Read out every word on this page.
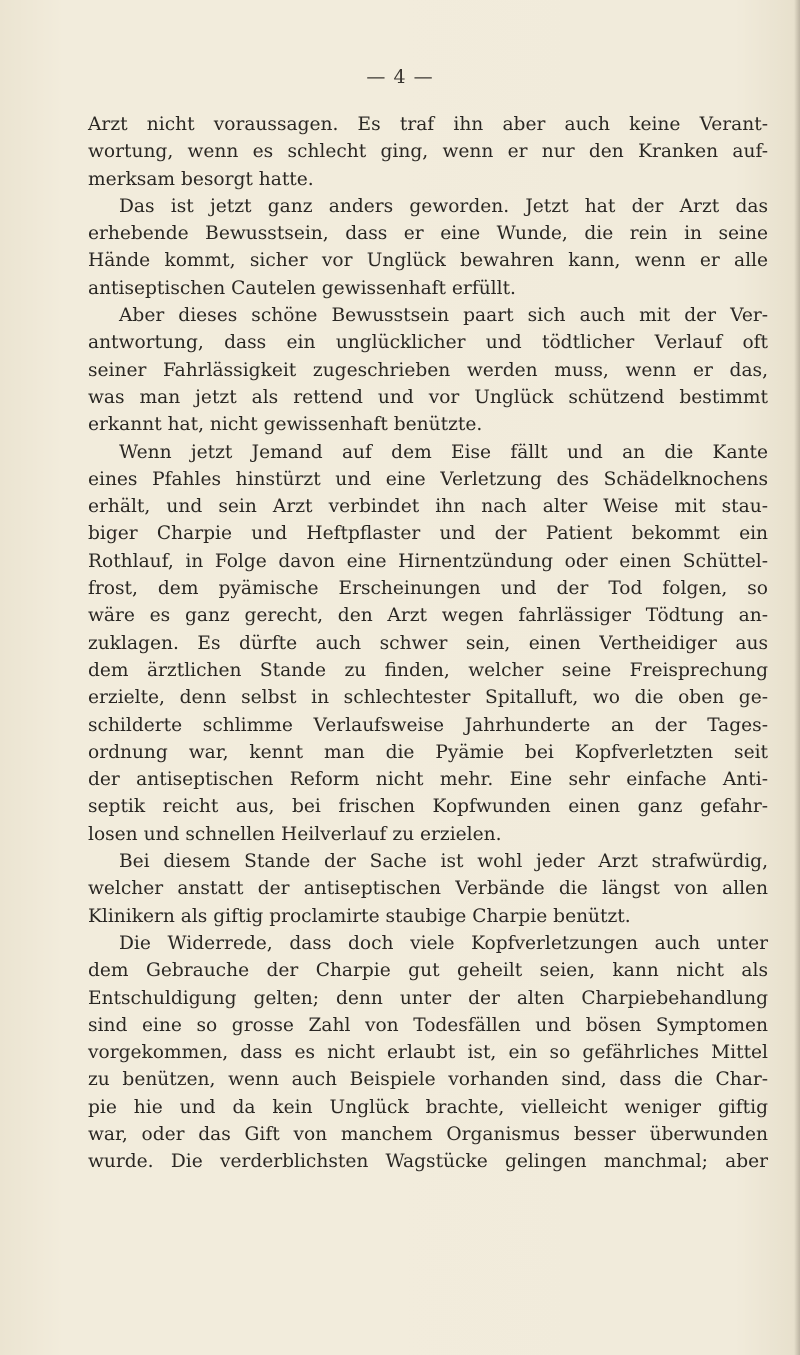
— 4 —
Arzt nicht voraussagen. Es traf ihn aber auch keine Verant-
wortung, wenn es schlecht ging, wenn er nur den Kranken auf-
merksam besorgt hatte.
Das ist jetzt ganz anders geworden. Jetzt hat der Arzt das
erhebende Bewusstsein, dass er eine Wunde, die rein in seine
Hände kommt, sicher vor Unglück bewahren kann, wenn er alle
antiseptischen Cautelen gewissenhaft erfüllt.
Aber dieses schöne Bewusstsein paart sich auch mit der Ver-
antwortung, dass ein unglücklicher und tödtlicher Verlauf oft
seiner Fahrlässigkeit zugeschrieben werden muss, wenn er das,
was man jetzt als rettend und vor Unglück schützend bestimmt
erkannt hat, nicht gewissenhaft benützte.
Wenn jetzt Jemand auf dem Eise fällt und an die Kante
eines Pfahles hinstürzt und eine Verletzung des Schädelknochens
erhält, und sein Arzt verbindet ihn nach alter Weise mit stau-
biger Charpie und Heftpflaster und der Patient bekommt ein
Rothlauf, in Folge davon eine Hirnentzündung oder einen Schüttel-
frost, dem pyämische Erscheinungen und der Tod folgen, so
wäre es ganz gerecht, den Arzt wegen fahrlässiger Tödtung an-
zuklagen. Es dürfte auch schwer sein, einen Vertheidiger aus
dem ärztlichen Stande zu finden, welcher seine Freisprechung
erzielte, denn selbst in schlechtester Spitalluft, wo die oben ge-
schilderte schlimme Verlaufsweise Jahrhunderte an der Tages-
ordnung war, kennt man die Pyämie bei Kopfverletzten seit
der antiseptischen Reform nicht mehr. Eine sehr einfache Anti-
septik reicht aus, bei frischen Kopfwunden einen ganz gefahr-
losen und schnellen Heilverlauf zu erzielen.
Bei diesem Stande der Sache ist wohl jeder Arzt strafwürdig,
welcher anstatt der antiseptischen Verbände die längst von allen
Klinikern als giftig proclamirte staubige Charpie benützt.
Die Widerrede, dass doch viele Kopfverletzungen auch unter
dem Gebrauche der Charpie gut geheilt seien, kann nicht als
Entschuldigung gelten; denn unter der alten Charpiebehandlung
sind eine so grosse Zahl von Todesfällen und bösen Symptomen
vorgekommen, dass es nicht erlaubt ist, ein so gefährliches Mittel
zu benützen, wenn auch Beispiele vorhanden sind, dass die Char-
pie hie und da kein Unglück brachte, vielleicht weniger giftig
war, oder das Gift von manchem Organismus besser überwunden
wurde. Die verderblichsten Wagstücke gelingen manchmal; aber
